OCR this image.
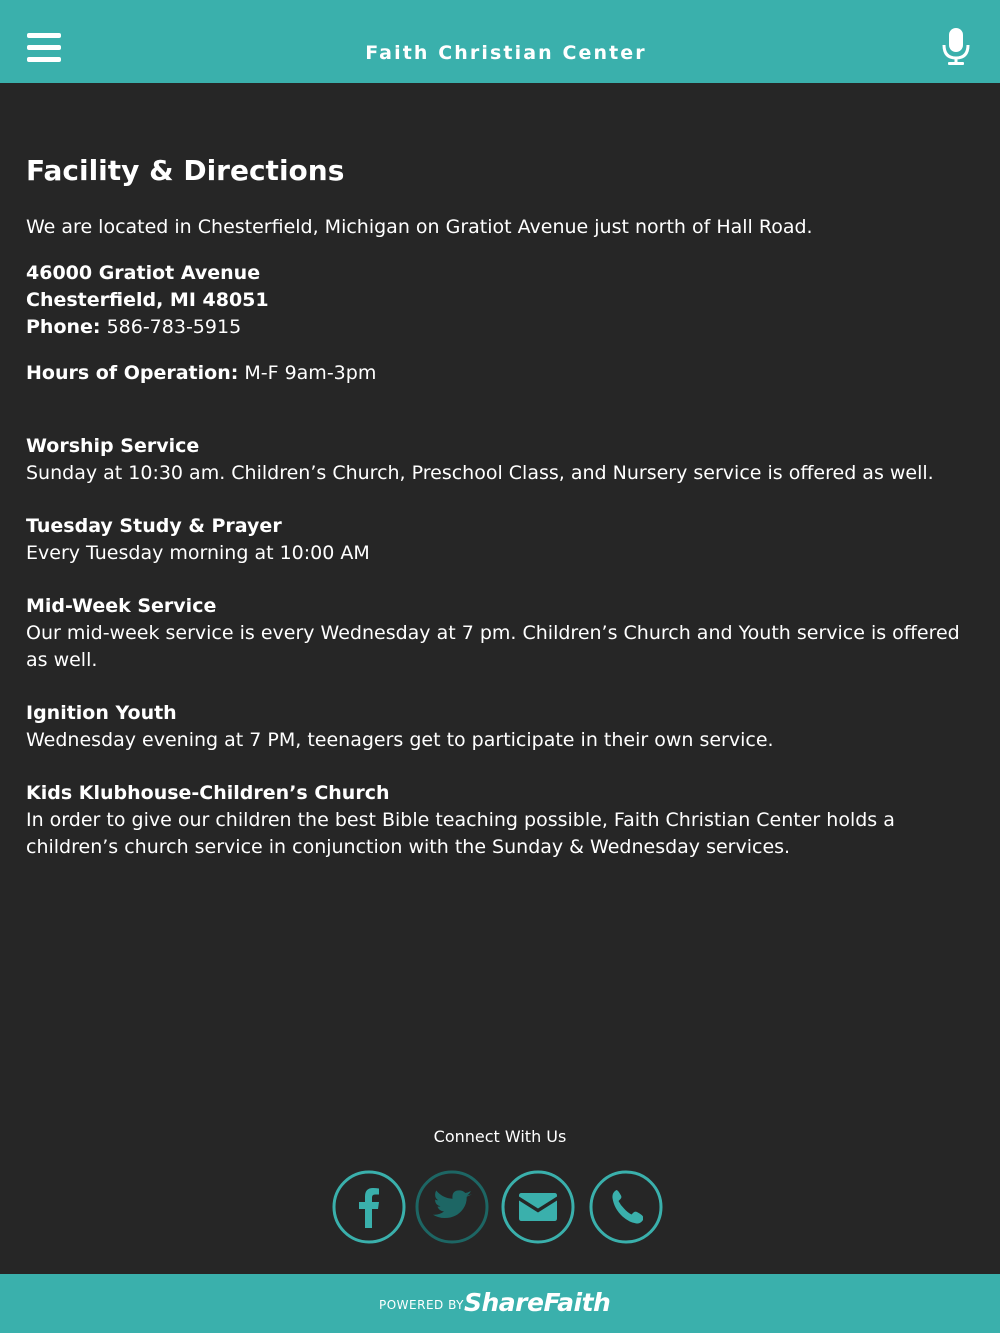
Faith Christian Center
Facility & Directions

We are located in Chesterfield, Michigan on Gratiot Avenue just north of Hall Road.

46000 Gratiot Avenue
Chesterfield, MI 48051
Phone: 586-783-5915

Hours of Operation: M-F 9am-3pm

Worship Service
Sunday at 10:30 am. Children’s Church, Preschool Class, and Nursery service is offered as well.

Tuesday Study & Prayer
Every Tuesday morning at 10:00 AM

Mid-Week Service
Our mid-week service is every Wednesday at 7 pm. Children’s Church and Youth service is offered as well.

Ignition Youth
Wednesday evening at 7 PM, teenagers get to participate in their own service.

Kids Klubhouse-Children’s Church
In order to give our children the best Bible teaching possible, Faith Christian Center holds a children’s church service in conjunction with the Sunday & Wednesday services.

Connect With Us
POWERED BY ShareFaith
